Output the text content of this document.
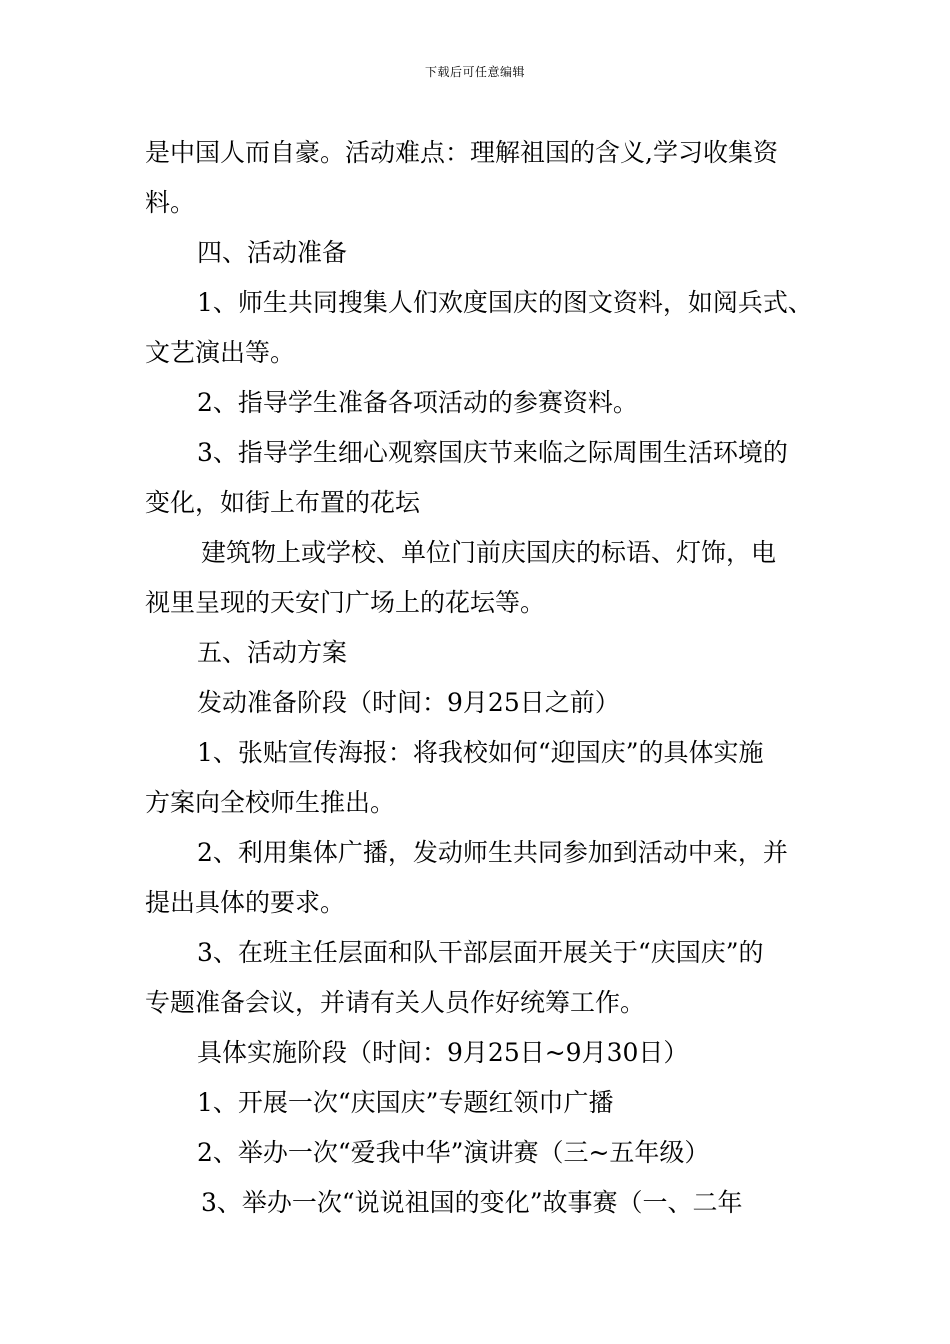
下载后可任意编辑
是中国人而自豪。活动难点：理解祖国的含义,学习收集资
料。
四、活动准备
1、师生共同搜集人们欢度国庆的图文资料，如阅兵式、
文艺演出等。
2、指导学生准备各项活动的参赛资料。
3、指导学生细心观察国庆节来临之际周围生活环境的
变化，如街上布置的花坛
建筑物上或学校、单位门前庆国庆的标语、灯饰，电
视里呈现的天安门广场上的花坛等。
五、活动方案
发动准备阶段（时间：9月25日之前）
1、张贴宣传海报：将我校如何“迎国庆”的具体实施
方案向全校师生推出。
2、利用集体广播，发动师生共同参加到活动中来，并
提出具体的要求。
3、在班主任层面和队干部层面开展关于“庆国庆”的
专题准备会议，并请有关人员作好统筹工作。
具体实施阶段（时间：9月25日~9月30日）
1、开展一次“庆国庆”专题红领巾广播
2、举办一次“爱我中华”演讲赛（三~五年级）
3、举办一次“说说祖国的变化”故事赛（一、二年
